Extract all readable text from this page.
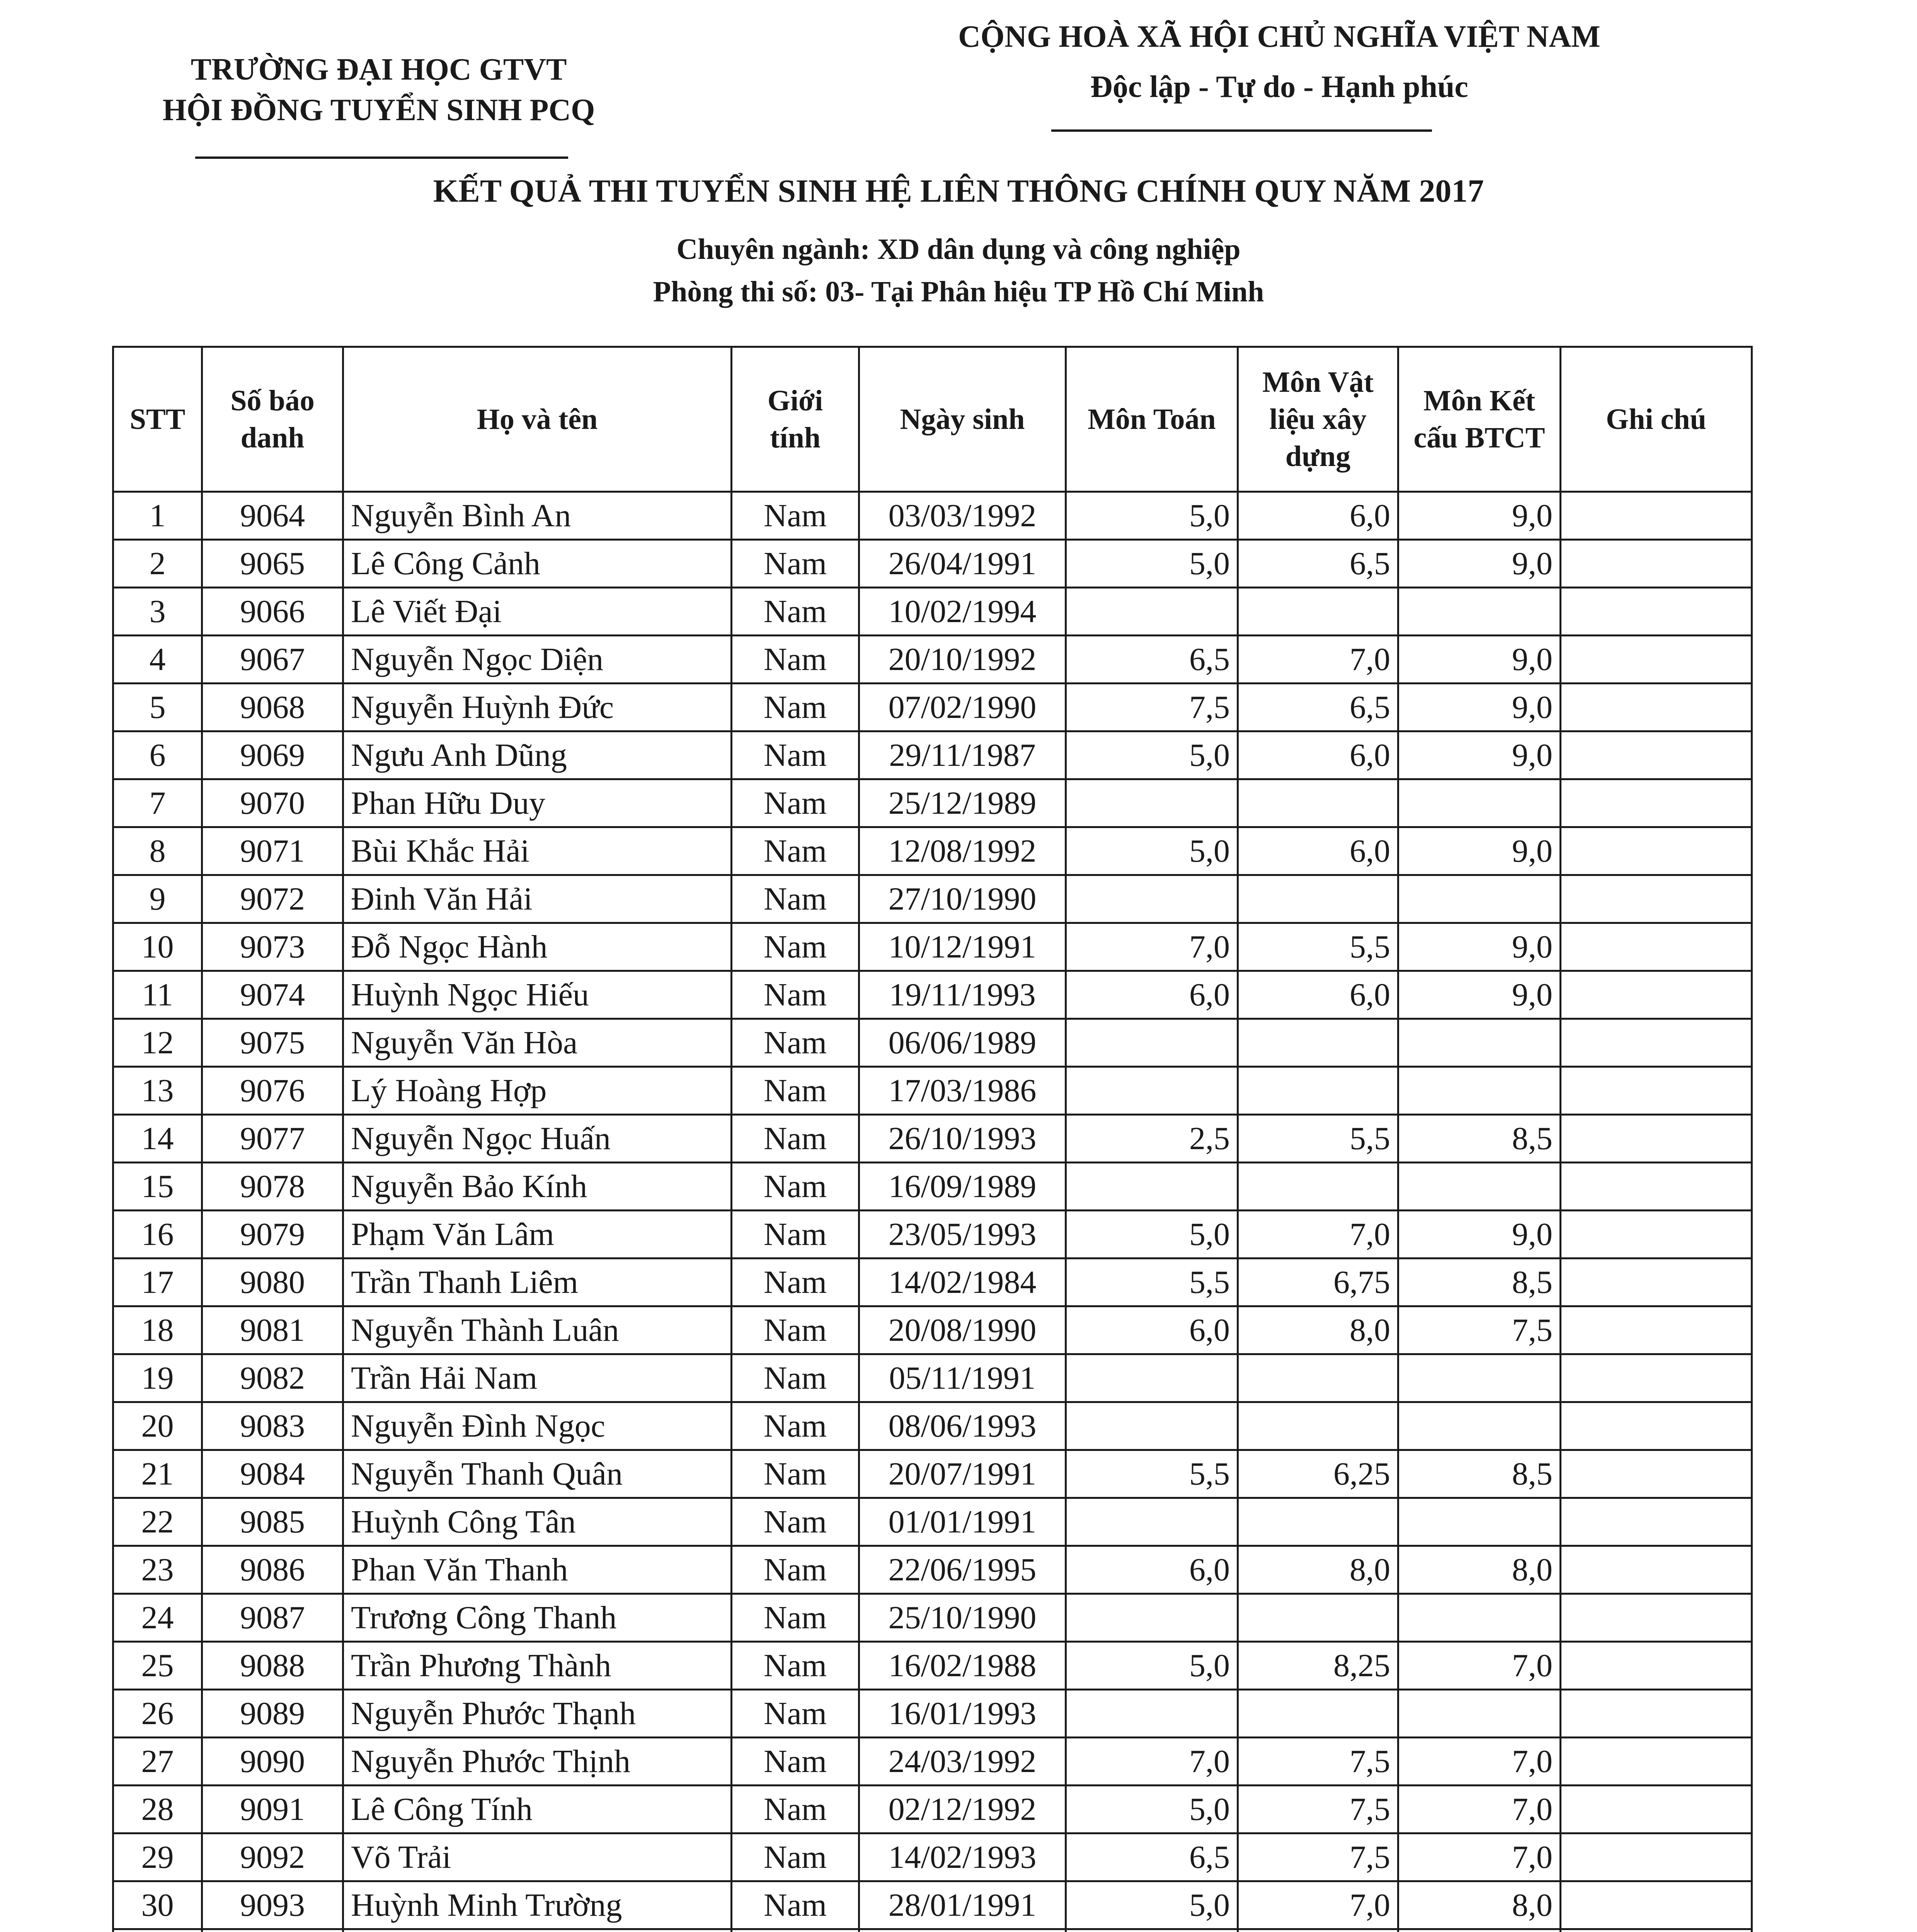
TRƯỜNG ĐẠI HỌC GTVT
HỘI ĐỒNG TUYỂN SINH PCQ
CỘNG HOÀ XÃ HỘI CHỦ NGHĨA VIỆT NAM
Độc lập - Tự do - Hạnh phúc
KẾT QUẢ THI TUYỂN SINH HỆ LIÊN THÔNG CHÍNH QUY NĂM 2017
Chuyên ngành: XD dân dụng và công nghiệp
Phòng thi số: 03- Tại Phân hiệu TP Hồ Chí Minh
STT	Số báo danh	Họ và tên	Giới tính	Ngày sinh	Môn Toán	Môn Vật liệu xây dựng	Môn Kết cấu BTCT	Ghi chú
1	9064	Nguyễn Bình An	Nam	03/03/1992	5,0	6,0	9,0	
2	9065	Lê Công Cảnh	Nam	26/04/1991	5,0	6,5	9,0	
3	9066	Lê Viết Đại	Nam	10/02/1994				
4	9067	Nguyễn Ngọc Diện	Nam	20/10/1992	6,5	7,0	9,0	
5	9068	Nguyễn Huỳnh Đức	Nam	07/02/1990	7,5	6,5	9,0	
6	9069	Ngưu Anh Dũng	Nam	29/11/1987	5,0	6,0	9,0	
7	9070	Phan Hữu Duy	Nam	25/12/1989				
8	9071	Bùi Khắc Hải	Nam	12/08/1992	5,0	6,0	9,0	
9	9072	Đinh Văn Hải	Nam	27/10/1990				
10	9073	Đỗ Ngọc Hành	Nam	10/12/1991	7,0	5,5	9,0	
11	9074	Huỳnh Ngọc Hiếu	Nam	19/11/1993	6,0	6,0	9,0	
12	9075	Nguyễn Văn Hòa	Nam	06/06/1989				
13	9076	Lý Hoàng Hợp	Nam	17/03/1986				
14	9077	Nguyễn Ngọc Huấn	Nam	26/10/1993	2,5	5,5	8,5	
15	9078	Nguyễn Bảo Kính	Nam	16/09/1989				
16	9079	Phạm Văn Lâm	Nam	23/05/1993	5,0	7,0	9,0	
17	9080	Trần Thanh Liêm	Nam	14/02/1984	5,5	6,75	8,5	
18	9081	Nguyễn Thành Luân	Nam	20/08/1990	6,0	8,0	7,5	
19	9082	Trần Hải Nam	Nam	05/11/1991				
20	9083	Nguyễn Đình Ngọc	Nam	08/06/1993				
21	9084	Nguyễn Thanh Quân	Nam	20/07/1991	5,5	6,25	8,5	
22	9085	Huỳnh Công Tân	Nam	01/01/1991				
23	9086	Phan Văn Thanh	Nam	22/06/1995	6,0	8,0	8,0	
24	9087	Trương Công Thanh	Nam	25/10/1990				
25	9088	Trần Phương Thành	Nam	16/02/1988	5,0	8,25	7,0	
26	9089	Nguyễn Phước Thạnh	Nam	16/01/1993				
27	9090	Nguyễn Phước Thịnh	Nam	24/03/1992	7,0	7,5	7,0	
28	9091	Lê Công Tính	Nam	02/12/1992	5,0	7,5	7,0	
29	9092	Võ Trải	Nam	14/02/1993	6,5	7,5	7,0	
30	9093	Huỳnh Minh Trường	Nam	28/01/1991	5,0	7,0	8,0	
